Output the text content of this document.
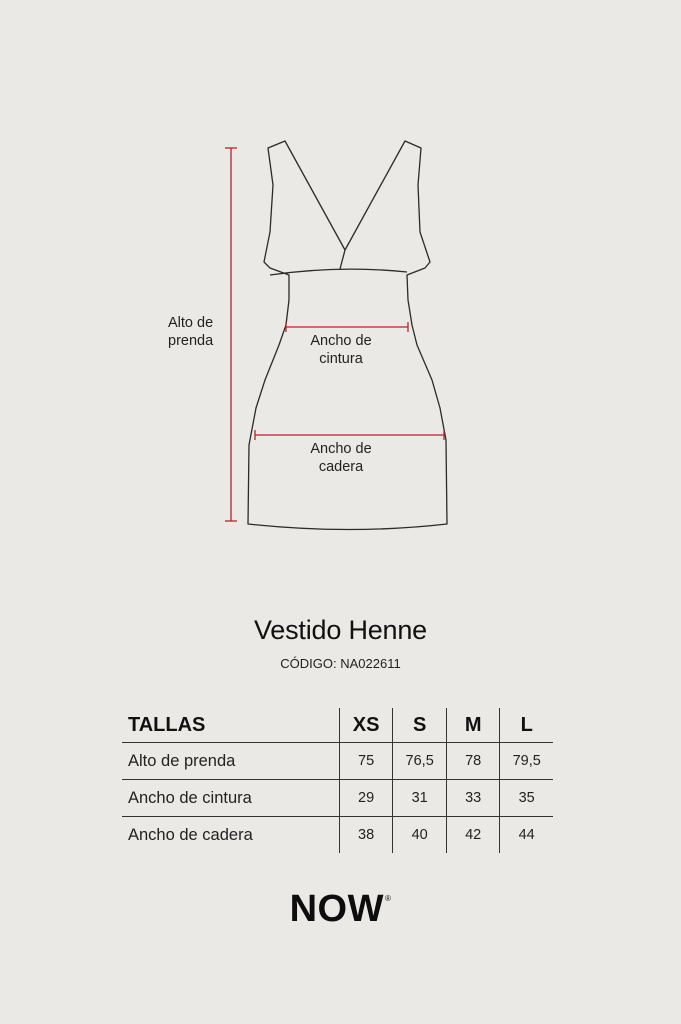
Alto de
prenda	Ancho de
cintura
Ancho de
cadera
Vestido Henne
CÓDIGO: NA022611
TALLAS	XS	S	M	L
Alto de prenda	75	76,5	78	79,5
Ancho de cintura	29	31	33	35
Ancho de cadera	38	40	42	44
NOW®
